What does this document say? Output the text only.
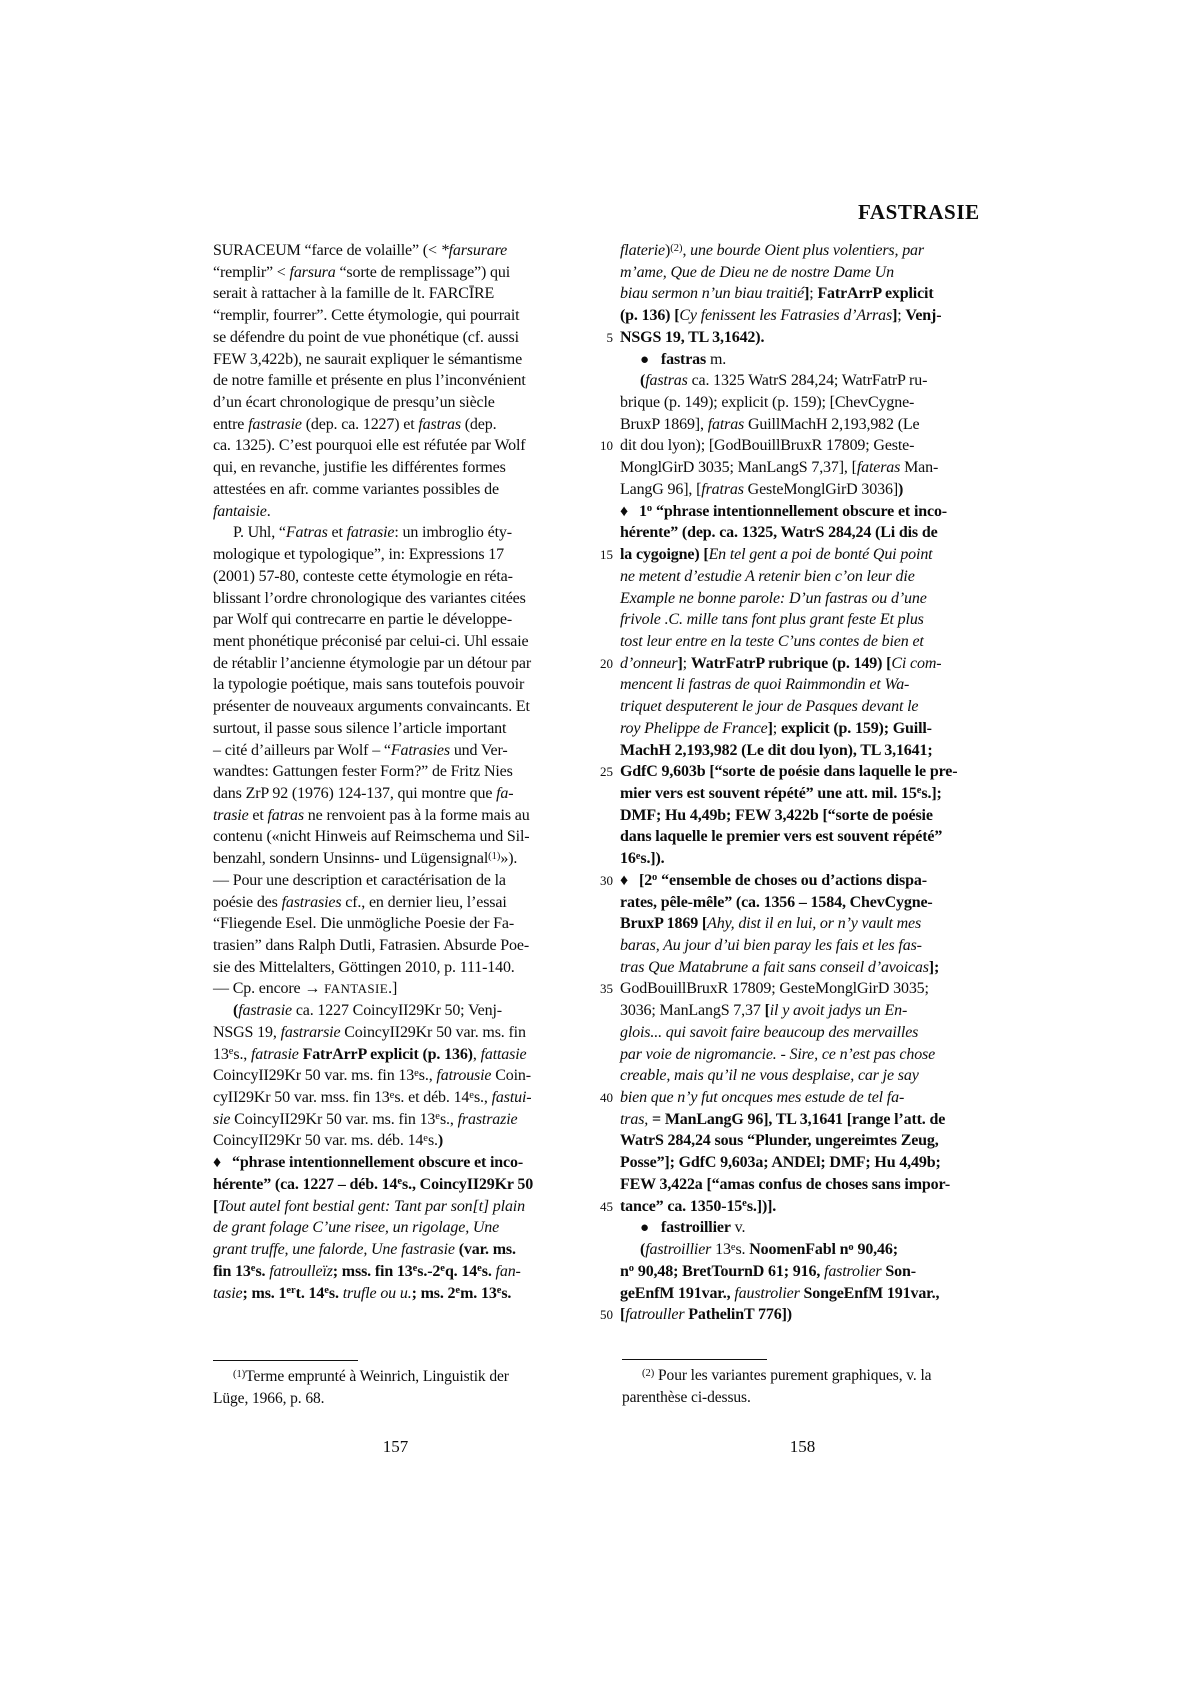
FASTRASIE
SURACEUM “farce de volaille” (< *farsurare
“remplir” < farsura “sorte de remplissage”) qui
serait à rattacher à la famille de lt. FARCĪRE
“remplir, fourrer”. Cette étymologie, qui pourrait
se défendre du point de vue phonétique (cf. aussi
FEW 3,422b), ne saurait expliquer le sémantisme
de notre famille et présente en plus l’inconvénient
d’un écart chronologique de presqu’un siècle
entre fastrasie (dep. ca. 1227) et fastras (dep.
ca. 1325). C’est pourquoi elle est réfutée par Wolf
qui, en revanche, justifie les différentes formes
attestées en afr. comme variantes possibles de
fantaisie.
P. Uhl, “Fatras et fatrasie: un imbroglio éty-
mologique et typologique”, in: Expressions 17
(2001) 57-80, conteste cette étymologie en réta-
blissant l’ordre chronologique des variantes citées
par Wolf qui contrecarre en partie le développe-
ment phonétique préconisé par celui-ci. Uhl essaie
de rétablir l’ancienne étymologie par un détour par
la typologie poétique, mais sans toutefois pouvoir
présenter de nouveaux arguments convaincants. Et
surtout, il passe sous silence l’article important
– cité d’ailleurs par Wolf – “Fatrasies und Ver-
wandtes: Gattungen fester Form?” de Fritz Nies
dans ZrP 92 (1976) 124-137, qui montre que fa-
trasie et fatras ne renvoient pas à la forme mais au
contenu («nicht Hinweis auf Reimschema und Sil-
benzahl, sondern Unsinns- und Lügensignal$^{(1)}$»).
— Pour une description et caractérisation de la
poésie des fastrasies cf., en dernier lieu, l’essai
“Fliegende Esel. Die unmögliche Poesie der Fa-
trasien” dans Ralph Dutli, Fatrasien. Absurde Poe-
sie des Mittelalters, Göttingen 2010, p. 111-140.
— Cp. encore → FANTASIE.]
(fastrasie ca. 1227 CoincyII29Kr 50; Venj-
NSGS 19, fastrarsie CoincyII29Kr 50 var. ms. fin
13es., fatrasie FatrArrP explicit (p. 136), fattasie
CoincyII29Kr 50 var. ms. fin 13es., fatrousie Coin-
cyII29Kr 50 var. mss. fin 13es. et déb. 14es., fastui-
sie CoincyII29Kr 50 var. ms. fin 13es., frastrazie
CoincyII29Kr 50 var. ms. déb. 14es.)
♦ “phrase intentionnellement obscure et inco-
hérente” (ca. 1227 – déb. 14es., CoincyII29Kr 50
[Tout autel font bestial gent: Tant par son[t] plain
de grant folage C’une risee, un rigolage, Une
grant truffe, une falorde, Une fastrasie (var. ms.
fin 13es. fatroulleïz; mss. fin 13es.-2eq. 14es. fan-
tasie; ms. 1ert. 14es. trufle ou u.; ms. 2em. 13es.
5
10
15
20
25
30
35
40
45
50
flaterie)$^{(2)}$, une bourde Oient plus volentiers, par
m’ame, Que de Dieu ne de nostre Dame Un
biau sermon n’un biau traitié]; FatrArrP explicit
(p. 136) [Cy fenissent les Fatrasies d’Arras]; Venj-
NSGS 19, TL 3,1642).
● fastras m.
(fastras ca. 1325 WatrS 284,24; WatrFatrP ru-
brique (p. 149); explicit (p. 159); [ChevCygne-
BruxP 1869], fatras GuillMachH 2,193,982 (Le
dit dou lyon); [GodBouillBruxR 17809; Geste-
MonglGirD 3035; ManLangS 7,37], [fateras Man-
LangG 96], [fratras GesteMonglGirD 3036])
♦ 1$^o$ “phrase intentionnellement obscure et inco-
hérente” (dep. ca. 1325, WatrS 284,24 (Li dis de
la cygoigne) [En tel gent a poi de bonté Qui point
ne metent d’estudie A retenir bien c’on leur die
Example ne bonne parole: D’un fastras ou d’une
frivole .C. mille tans font plus grant feste Et plus
tost leur entre en la teste C’uns contes de bien et
d’onneur]; WatrFatrP rubrique (p. 149) [Ci com-
mencent li fastras de quoi Raimmondin et Wa-
triquet desputerent le jour de Pasques devant le
roy Phelippe de France]; explicit (p. 159); Guill-
MachH 2,193,982 (Le dit dou lyon), TL 3,1641;
GdfC 9,603b [“sorte de poésie dans laquelle le pre-
mier vers est souvent répété” une att. mil. 15es.];
DMF; Hu 4,49b; FEW 3,422b [“sorte de poésie
dans laquelle le premier vers est souvent répété”
16es.]).
♦ [2$^o$ “ensemble de choses ou d’actions dispa-
rates, pêle-mêle” (ca. 1356 – 1584, ChevCygne-
BruxP 1869 [Ahy, dist il en lui, or n’y vault mes
baras, Au jour d’ui bien paray les fais et les fas-
tras Que Matabrune a fait sans conseil d’avoicas];
GodBouillBruxR 17809; GesteMonglGirD 3035;
3036; ManLangS 7,37 [il y avoit jadys un En-
glois... qui savoit faire beaucoup des mervailles
par voie de nigromancie. - Sire, ce n’est pas chose
creable, mais qu’il ne vous desplaise, car je say
bien que n’y fut oncques mes estude de tel fa-
tras, = ManLangG 96], TL 3,1641 [range l’att. de
WatrS 284,24 sous “Plunder, ungereimtes Zeug,
Posse”]; GdfC 9,603a; ANDEl; DMF; Hu 4,49b;
FEW 3,422a [“amas confus de choses sans impor-
tance” ca. 1350-15es.])].
● fastroillier v.
(fastroillier 13es. NoomenFabl $n^o$ 90,46;
$n^o$ 90,48; BretTournD 61; 916, fastrolier Son-
geEnfM 191var., faustrolier SongeEnfM 191var.,
[fatrouller PathelinT 776])
$^{(1)}$Terme emprunté à Weinrich, Linguistik der
Lüge, 1966, p. 68.
$^{(2)}$ Pour les variantes purement graphiques, v. la
parenthèse ci-dessus.
157	158
